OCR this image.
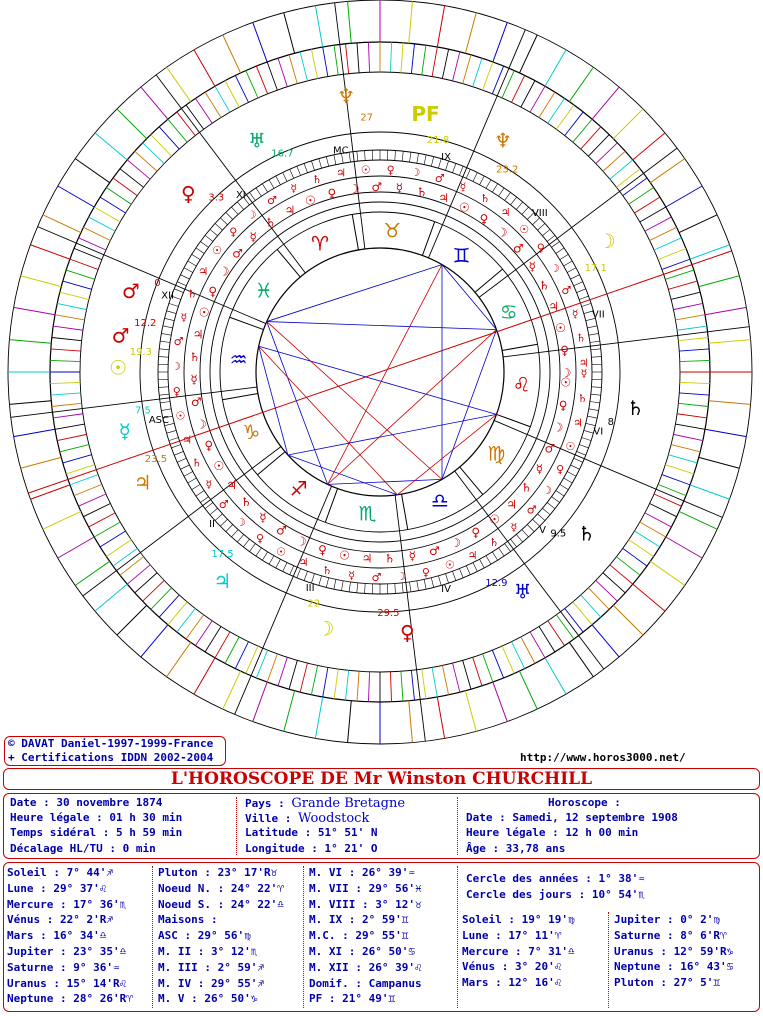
♋
♊
♉
♈
♓
♒
♑
♐
♏
♎
♍
♌
ASC
II
III	IV
V
VI
VII
VIII
IX
MC
XI
XII
☽
♃
♀
♄
☉
☿
♃
♂
♄
☽
☿
♀
♂
☉
☽
♃
♀
♄
☉
☿
♃
♂
♄
☽
☿
♀
♂
☉
☽
♃
♀
♄
☉
☿
♃
♂
♄
☽
☿
♀
♂
☉
☽
♃
♀
♄
☉
☿
♃
♂
♄
☽
☿
♀
♂
☉
☽
♃ ♀
♄ ☉
☿ ♃
♂ ♄
☽ ☿
♀
♂
☉
☽
♃
♀
♄
☉
☿
♃
♂
♄
☽
☿
♀
♂
☉
☽
♃
♀
♄
☉
☿
♃ ♂
♄ ☽
☿ ♀
♂ ☉
☽ ♃
♀ ♄
☉
☿
♆
27
♅
16.7
♀ 3.3
♂ 0
♂ 12.2
☉
19.3
☿
7.5
♃
23.5
♃
17.5
☽
22
♀
29.5
♅
12.9
♄
9.5
♄
8
☽
17.1
♆
23.2
PF
21.8
© DAVAT Daniel-1997-1999-France
+ Certifications IDDN 2002-2004	http://www.horos3000.net/
L'HOROSCOPE DE Mr Winston CHURCHILL
Date : 30 novembre 1874
Heure légale : 01 h 30 min
Temps sidéral : 5 h 59 min
Décalage HL/TU : 0 min
Pays : Grande Bretagne
Ville : Woodstock
Latitude : 51° 51' N
Longitude : 1° 21' O
Horoscope :
Date : Samedi, 12 septembre 1908
Heure légale : 12 h 00 min
Âge : 33,78 ans
Soleil : 7° 44'♐
Lune : 29° 37'♌
Mercure : 17° 36'♏
Vénus : 22° 2'R♐
Mars : 16° 34'♎
Jupiter : 23° 35'♎
Saturne : 9° 36'♒
Uranus : 15° 14'R♌
Neptune : 28° 26'R♈
Pluton : 23° 17'R♉
Noeud N. : 24° 22'♈
Noeud S. : 24° 22'♎
Maisons :
ASC : 29° 56'♍
M. II : 3° 12'♏
M. III : 2° 59'♐
M. IV : 29° 55'♐
M. V : 26° 50'♑
M. VI : 26° 39'♒
M. VII : 29° 56'♓
M. VIII : 3° 12'♉
M. IX : 2° 59'♊
M.C. : 29° 55'♊
M. XI : 26° 50'♋
M. XII : 26° 39'♌
Domif. : Campanus
PF : 21° 49'♊
Cercle des années : 1° 38'♒
Cercle des jours : 10° 54'♏
Soleil : 19° 19'♍
Lune : 17° 11'♈
Mercure : 7° 31'♎
Vénus : 3° 20'♌
Mars : 12° 16'♌
Jupiter : 0° 2'♍
Saturne : 8° 6'R♈
Uranus : 12° 59'R♑
Neptune : 16° 43'♋
Pluton : 27° 5'♊
